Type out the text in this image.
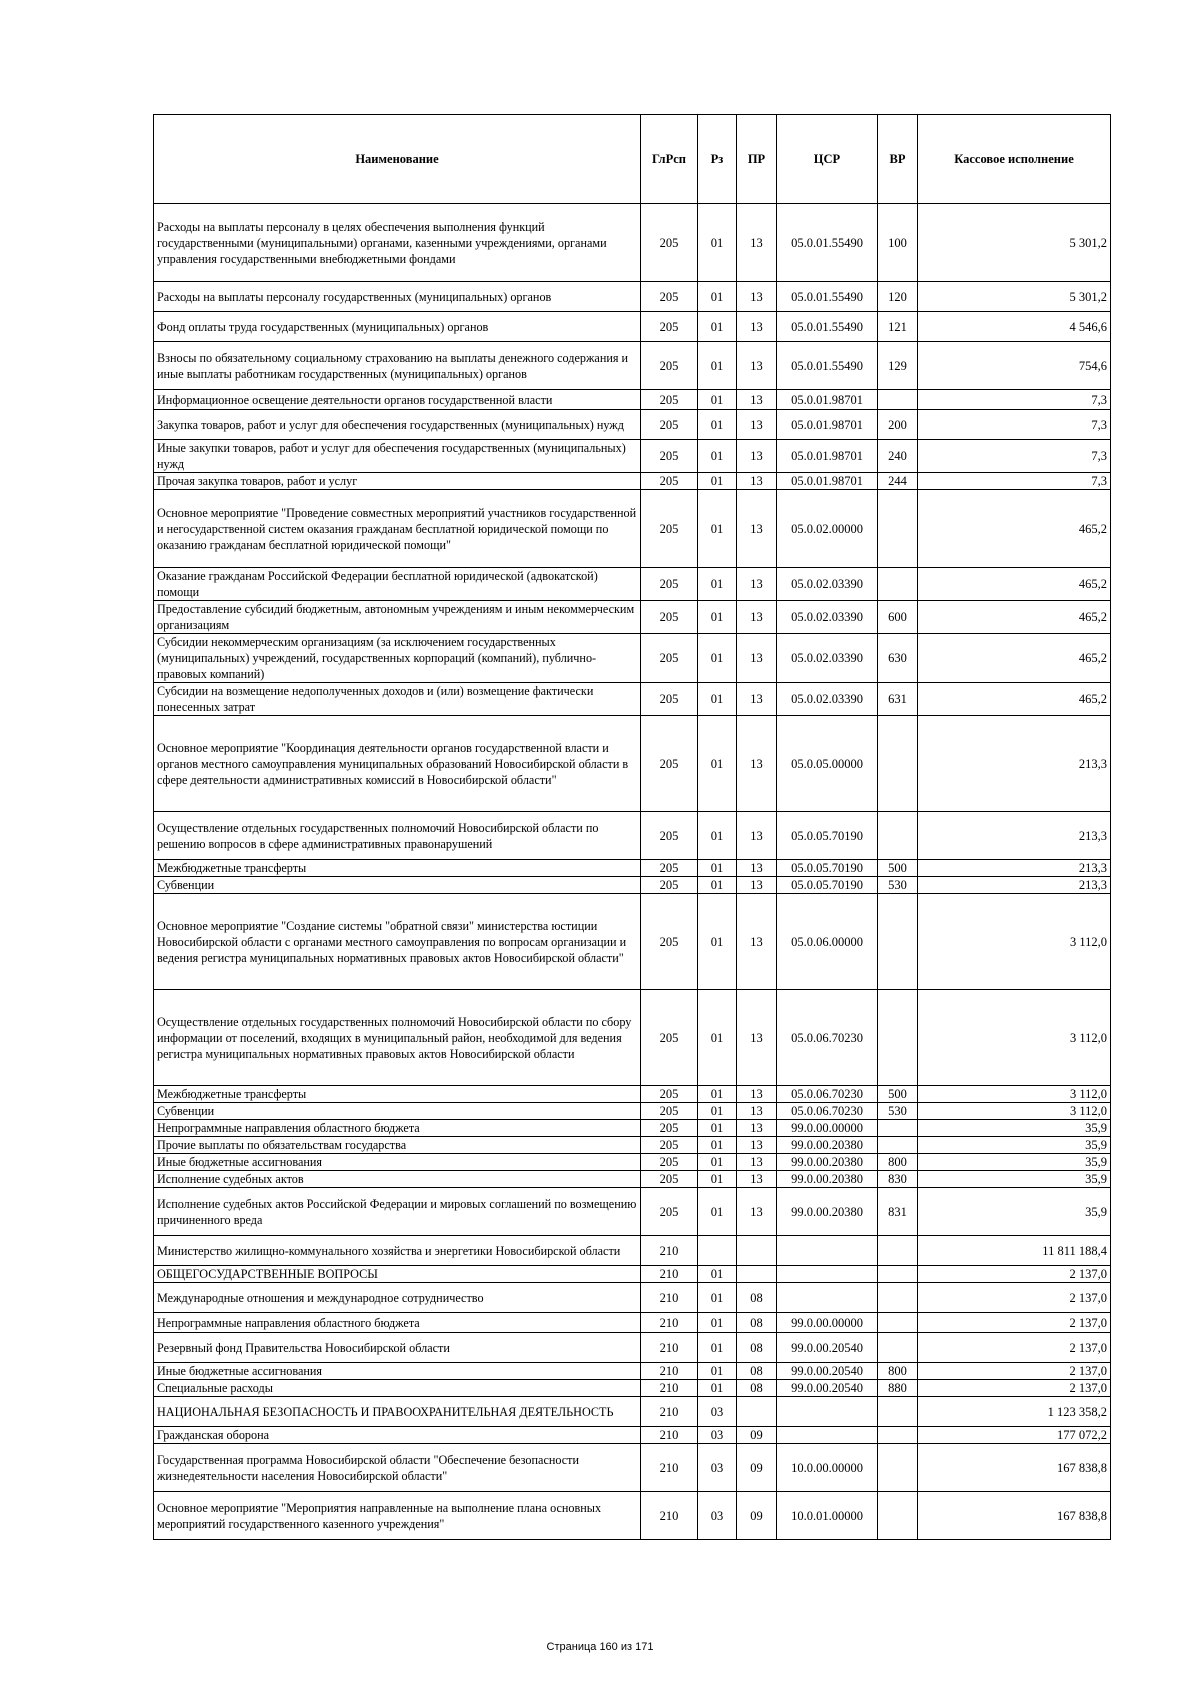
Наименование	ГлРсп	Рз	ПР	ЦСР	ВР	Кассовое исполнение
Расходы на выплаты персоналу в целях обеспечения выполнения функций государственными (муниципальными) органами, казенными учреждениями, органами управления государственными внебюджетными фондами	205	01	13	05.0.01.55490	100	5 301,2
Расходы на выплаты персоналу государственных (муниципальных) органов	205	01	13	05.0.01.55490	120	5 301,2
Фонд оплаты труда государственных (муниципальных) органов	205	01	13	05.0.01.55490	121	4 546,6
Взносы по обязательному социальному страхованию на выплаты денежного содержания и иные выплаты работникам государственных (муниципальных) органов	205	01	13	05.0.01.55490	129	754,6
Информационное освещение деятельности органов государственной власти	205	01	13	05.0.01.98701		7,3
Закупка товаров, работ и услуг для обеспечения государственных (муниципальных) нужд	205	01	13	05.0.01.98701	200	7,3
Иные закупки товаров, работ и услуг для обеспечения государственных (муниципальных) нужд	205	01	13	05.0.01.98701	240	7,3
Прочая закупка товаров, работ и услуг	205	01	13	05.0.01.98701	244	7,3
Основное мероприятие "Проведение совместных мероприятий участников государственной и негосударственной систем оказания гражданам бесплатной юридической помощи по оказанию гражданам бесплатной юридической помощи"	205	01	13	05.0.02.00000		465,2
Оказание гражданам Российской Федерации бесплатной юридической (адвокатской) помощи	205	01	13	05.0.02.03390		465,2
Предоставление субсидий бюджетным, автономным учреждениям и иным некоммерческим организациям	205	01	13	05.0.02.03390	600	465,2
Субсидии некоммерческим организациям (за исключением государственных (муниципальных) учреждений, государственных корпораций (компаний), публично-правовых компаний)	205	01	13	05.0.02.03390	630	465,2
Субсидии на возмещение недополученных доходов и (или) возмещение фактически понесенных затрат	205	01	13	05.0.02.03390	631	465,2
Основное мероприятие "Координация деятельности органов государственной власти и органов местного самоуправления муниципальных образований Новосибирской области в сфере деятельности административных комиссий в Новосибирской области"	205	01	13	05.0.05.00000		213,3
Осуществление отдельных государственных полномочий Новосибирской области по решению вопросов в сфере административных правонарушений	205	01	13	05.0.05.70190		213,3
Межбюджетные трансферты	205	01	13	05.0.05.70190	500	213,3
Субвенции	205	01	13	05.0.05.70190	530	213,3
Основное мероприятие "Создание системы "обратной связи" министерства юстиции Новосибирской области с органами местного самоуправления по вопросам организации и ведения регистра муниципальных нормативных правовых актов Новосибирской области"	205	01	13	05.0.06.00000		3 112,0
Осуществление отдельных государственных полномочий Новосибирской области по сбору информации от поселений, входящих в муниципальный район, необходимой для ведения регистра муниципальных нормативных правовых актов Новосибирской области	205	01	13	05.0.06.70230		3 112,0
Межбюджетные трансферты	205	01	13	05.0.06.70230	500	3 112,0
Субвенции	205	01	13	05.0.06.70230	530	3 112,0
Непрограммные направления областного бюджета	205	01	13	99.0.00.00000		35,9
Прочие выплаты по обязательствам государства	205	01	13	99.0.00.20380		35,9
Иные бюджетные ассигнования	205	01	13	99.0.00.20380	800	35,9
Исполнение судебных актов	205	01	13	99.0.00.20380	830	35,9
Исполнение судебных актов Российской Федерации и мировых соглашений по возмещению причиненного вреда	205	01	13	99.0.00.20380	831	35,9
Министерство жилищно-коммунального хозяйства и энергетики Новосибирской области	210					11 811 188,4
ОБЩЕГОСУДАРСТВЕННЫЕ ВОПРОСЫ	210	01				2 137,0
Международные отношения и международное сотрудничество	210	01	08			2 137,0
Непрограммные направления областного бюджета	210	01	08	99.0.00.00000		2 137,0
Резервный фонд Правительства Новосибирской области	210	01	08	99.0.00.20540		2 137,0
Иные бюджетные ассигнования	210	01	08	99.0.00.20540	800	2 137,0
Специальные расходы	210	01	08	99.0.00.20540	880	2 137,0
НАЦИОНАЛЬНАЯ БЕЗОПАСНОСТЬ И ПРАВООХРАНИТЕЛЬНАЯ ДЕЯТЕЛЬНОСТЬ	210	03				1 123 358,2
Гражданская оборона	210	03	09			177 072,2
Государственная программа Новосибирской области "Обеспечение безопасности жизнедеятельности населения Новосибирской области"	210	03	09	10.0.00.00000		167 838,8
Основное мероприятие "Мероприятия направленные на выполнение плана основных мероприятий государственного казенного учреждения"	210	03	09	10.0.01.00000		167 838,8
Страница 160 из 171
